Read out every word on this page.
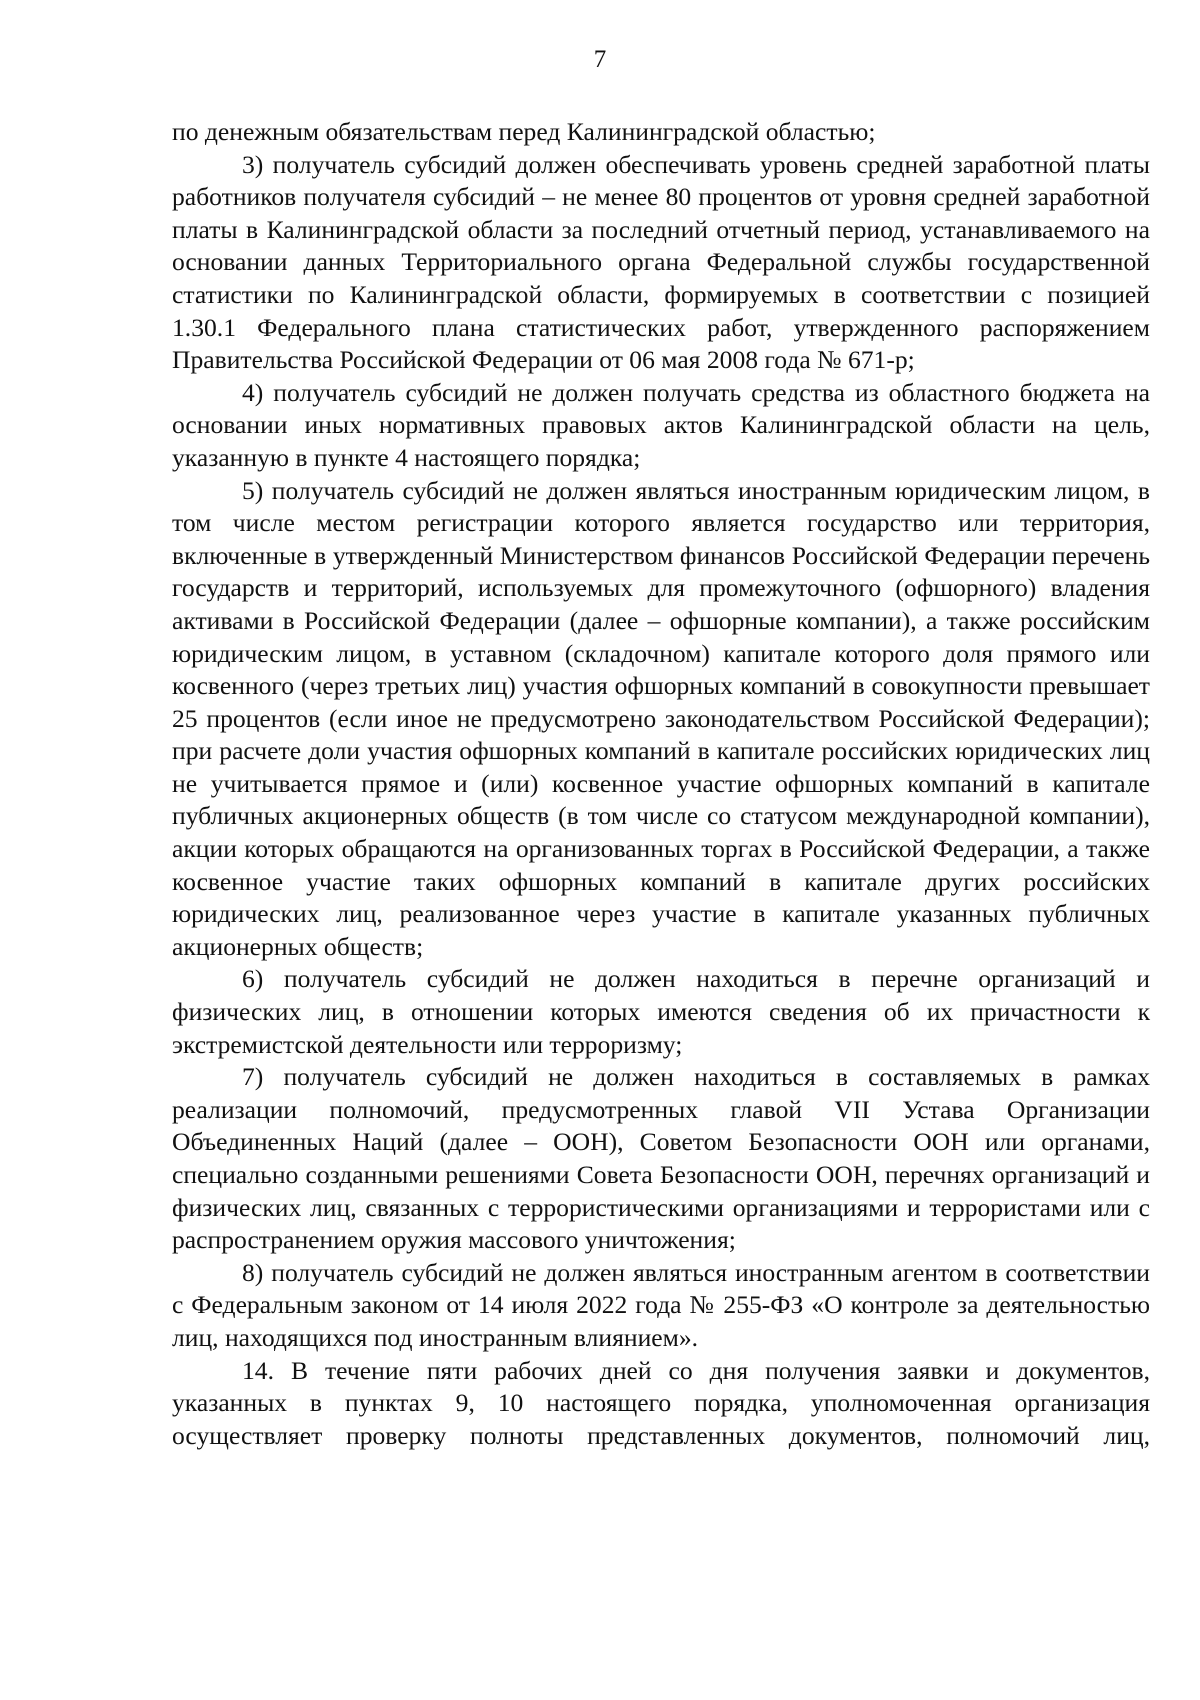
7

по денежным обязательствам перед Калининградской областью;

3) получатель субсидий должен обеспечивать уровень средней заработной платы работников получателя субсидий – не менее 80 процентов от уровня средней заработной платы в Калининградской области за последний отчетный период, устанавливаемого на основании данных Территориального органа Федеральной службы государственной статистики по Калининградской области, формируемых в соответствии с позицией 1.30.1 Федерального плана статистических работ, утвержденного распоряжением Правительства Российской Федерации от 06 мая 2008 года № 671-р;

4) получатель субсидий не должен получать средства из областного бюджета на основании иных нормативных правовых актов Калининградской области на цель, указанную в пункте 4 настоящего порядка;

5) получатель субсидий не должен являться иностранным юридическим лицом, в том числе местом регистрации которого является государство или территория, включенные в утвержденный Министерством финансов Российской Федерации перечень государств и территорий, используемых для промежуточного (офшорного) владения активами в Российской Федерации (далее – офшорные компании), а также российским юридическим лицом, в уставном (складочном) капитале которого доля прямого или косвенного (через третьих лиц) участия офшорных компаний в совокупности превышает 25 процентов (если иное не предусмотрено законодательством Российской Федерации); при расчете доли участия офшорных компаний в капитале российских юридических лиц не учитывается прямое и (или) косвенное участие офшорных компаний в капитале публичных акционерных обществ (в том числе со статусом международной компании), акции которых обращаются на организованных торгах в Российской Федерации, а также косвенное участие таких офшорных компаний в капитале других российских юридических лиц, реализованное через участие в капитале указанных публичных акционерных обществ;

6) получатель субсидий не должен находиться в перечне организаций и физических лиц, в отношении которых имеются сведения об их причастности к экстремистской деятельности или терроризму;

7) получатель субсидий не должен находиться в составляемых в рамках реализации полномочий, предусмотренных главой VII Устава Организации Объединенных Наций (далее – ООН), Советом Безопасности ООН или органами, специально созданными решениями Совета Безопасности ООН, перечнях организаций и физических лиц, связанных с террористическими организациями и террористами или с распространением оружия массового уничтожения;

8) получатель субсидий не должен являться иностранным агентом в соответствии с Федеральным законом от 14 июля 2022 года № 255-ФЗ «О контроле за деятельностью лиц, находящихся под иностранным влиянием».

14. В течение пяти рабочих дней со дня получения заявки и документов, указанных в пунктах 9, 10 настоящего порядка, уполномоченная организация осуществляет проверку полноты представленных документов, полномочий лиц,
